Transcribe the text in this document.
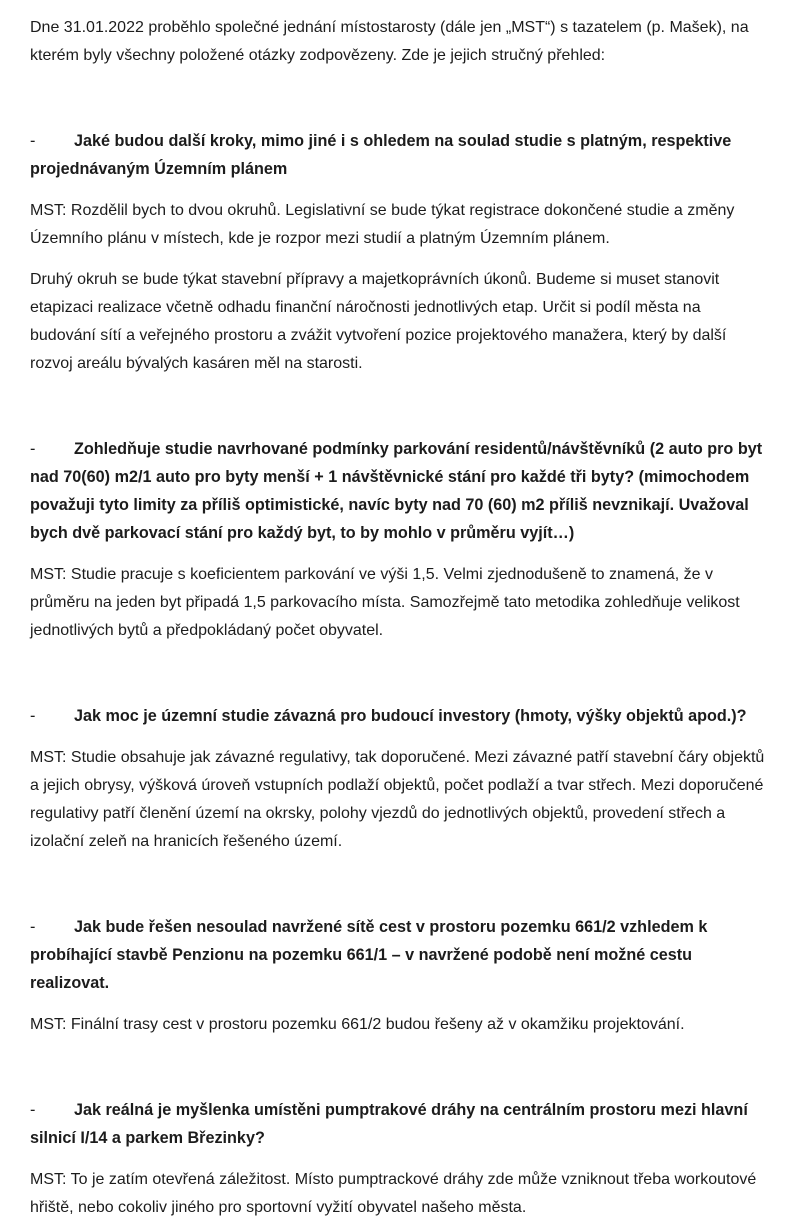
Dne 31.01.2022 proběhlo společné jednání místostarosty (dále jen „MST“) s tazatelem (p. Mašek), na kterém byly všechny položené otázky zodpovězeny. Zde je jejich stručný přehled:

- Jaké budou další kroky, mimo jiné i s ohledem na soulad studie s platným, respektive projednávaným Územním plánem

MST: Rozdělil bych to dvou okruhů. Legislativní se bude týkat registrace dokončené studie a změny Územního plánu v místech, kde je rozpor mezi studií a platným Územním plánem.

Druhý okruh se bude týkat stavební přípravy a majetkoprávních úkonů. Budeme si muset stanovit etapizaci realizace včetně odhadu finanční náročnosti jednotlivých etap. Určit si podíl města na budování sítí a veřejného prostoru a zvážit vytvoření pozice projektového manažera, který by další rozvoj areálu bývalých kasáren měl na starosti.

- Zohledňuje studie navrhované podmínky parkování residentů/návštěvníků (2 auto pro byt nad 70(60) m2/1 auto pro byty menší + 1 návštěvnické stání pro každé tři byty? (mimochodem považuji tyto limity za příliš optimistické, navíc byty nad 70 (60) m2 příliš nevznikají. Uvažoval bych dvě parkovací stání pro každý byt, to by mohlo v průměru vyjít…)

MST: Studie pracuje s koeficientem parkování ve výši 1,5. Velmi zjednodušeně to znamená, že v průměru na jeden byt připadá 1,5 parkovacího místa. Samozřejmě tato metodika zohledňuje velikost jednotlivých bytů a předpokládaný počet obyvatel.

- Jak moc je územní studie závazná pro budoucí investory (hmoty, výšky objektů apod.)?

MST: Studie obsahuje jak závazné regulativy, tak doporučené. Mezi závazné patří stavební čáry objektů a jejich obrysy, výšková úroveň vstupních podlaží objektů, počet podlaží a tvar střech. Mezi doporučené regulativy patří členění území na okrsky, polohy vjezdů do jednotlivých objektů, provedení střech a izolační zeleň na hranicích řešeného území.

- Jak bude řešen nesoulad navržené sítě cest v prostoru pozemku 661/2 vzhledem k probíhající stavbě Penzionu na pozemku 661/1 – v navržené podobě není možné cestu realizovat.

MST: Finální trasy cest v prostoru pozemku 661/2 budou řešeny až v okamžiku projektování.

- Jak reálná je myšlenka umístěni pumptrakové dráhy na centrálním prostoru mezi hlavní silnicí I/14 a parkem Březinky?

MST: To je zatím otevřená záležitost. Místo pumptrackové dráhy zde může vzniknout třeba workoutové hřiště, nebo cokoliv jiného pro sportovní vyžití obyvatel našeho města.
